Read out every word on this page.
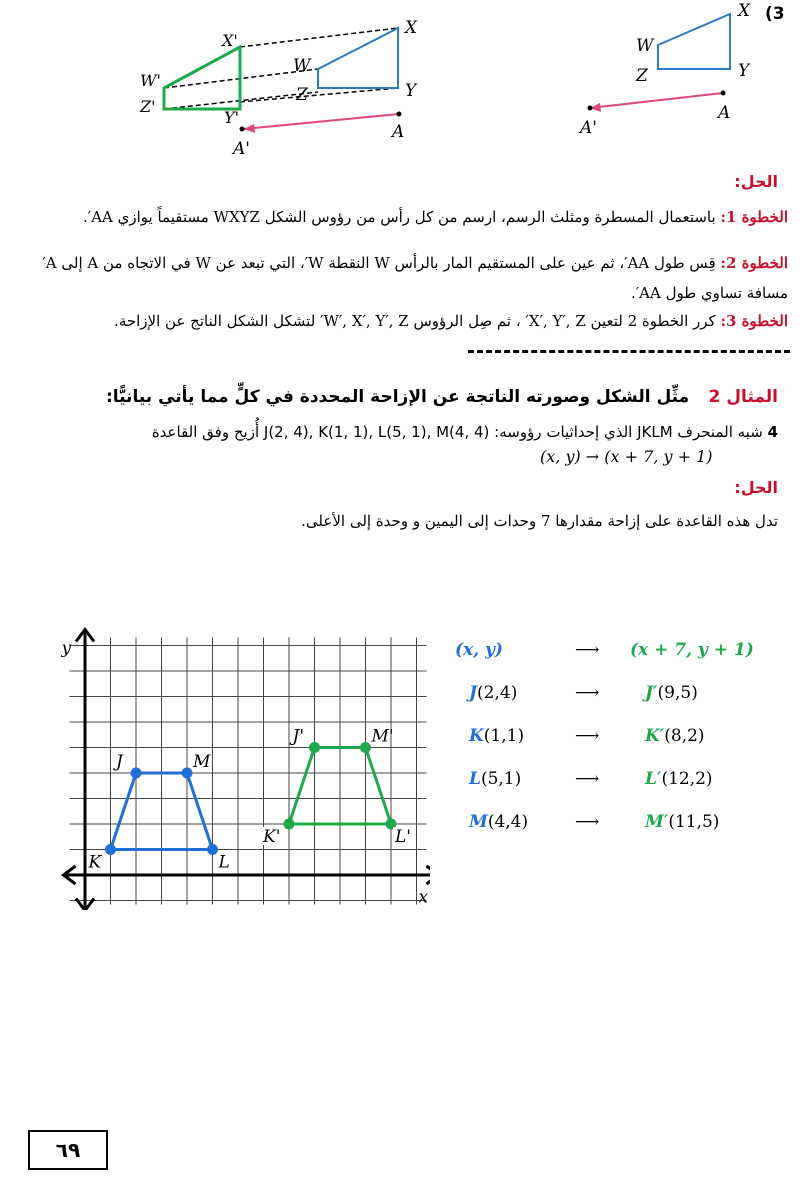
X
W
Y
Z
A
A'
X
W
Y
Z
X'
W'
Z'
Y'
A
A'
(3
الحل:
الخطوة 1: باستعمال المسطرة ومثلث الرسم، ارسم من كل رأس من رؤوس الشكل WXYZ مستقيماً يوازي AA′.
الخطوة 2: قِس طول AA′، ثم عين على المستقيم المار بالرأس W النقطة W′، التي تبعد عن W في الاتجاه من A إلى A′ مسافة تساوي طول AA′.
الخطوة 3: كرر الخطوة 2 لتعين X′, Y′, Z′ ، ثم صِل الرؤوس W′, X′, Y′, Z′ لتشكل الشكل الناتج عن الإزاحة.
المثال 2 مثِّل الشكل وصورته الناتجة عن الإزاحة المحددة في كلٍّ مما يأتي بيانيًّا:
4 شبه المنحرف JKLM الذي إحداثيات رؤوسه: J(2, 4), K(1, 1), L(5, 1), M(4, 4) أُزيح وفق القاعدة
(x, y) → (x + 7, y + 1)
الحل:
تدل هذه القاعدة على إزاحة مقدارها 7 وحدات إلى اليمين و وحدة إلى الأعلى.
x
y
J	M
K	L
J'	M'
K'	L'
(x, y)	⟶ (x + 7, y + 1)
J(2,4)	⟶	J′(9,5)
K(1,1)	⟶	K′(8,2)
L(5,1)	⟶	L′(12,2)
M(4,4)	⟶	M′(11,5)
٦٩
